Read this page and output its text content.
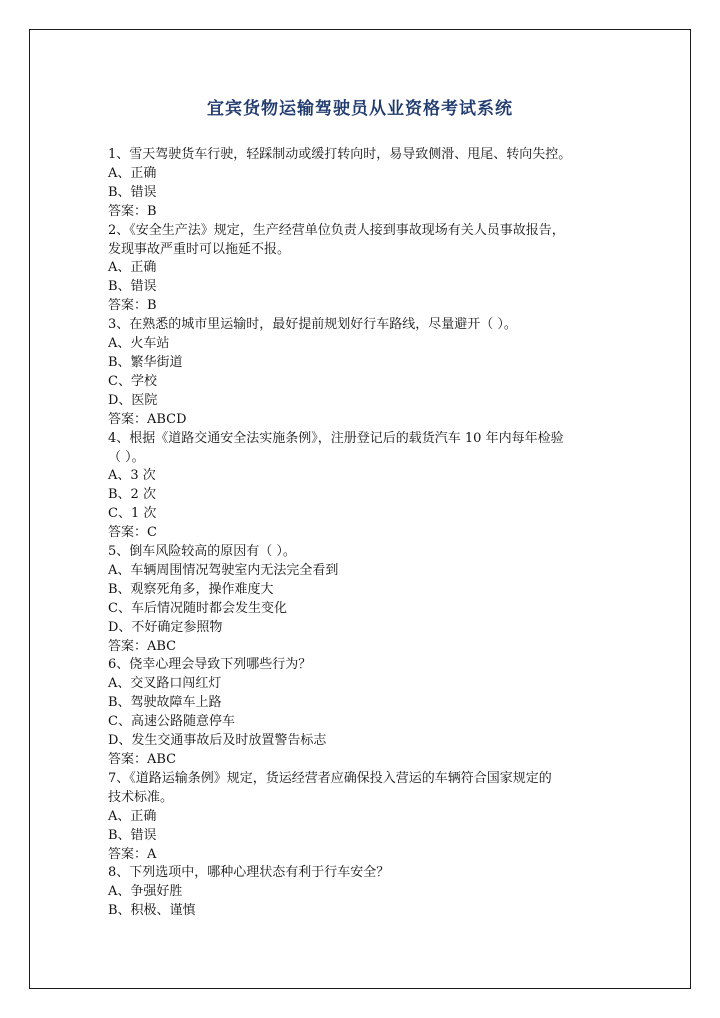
宜宾货物运输驾驶员从业资格考试系统
1、雪天驾驶货车行驶，轻踩制动或缓打转向时，易导致侧滑、甩尾、转向失控。
A、正确
B、错误
答案：B
2、《安全生产法》规定，生产经营单位负责人接到事故现场有关人员事故报告，
发现事故严重时可以拖延不报。
A、正确
B、错误
答案：B
3、在熟悉的城市里运输时，最好提前规划好行车路线，尽量避开（ ）。
A、火车站
B、繁华街道
C、学校
D、医院
答案：ABCD
4、根据《道路交通安全法实施条例》，注册登记后的载货汽车 10 年内每年检验
（ ）。
A、3 次
B、2 次
C、1 次
答案：C
5、倒车风险较高的原因有（ ）。
A、车辆周围情况驾驶室内无法完全看到
B、观察死角多，操作难度大
C、车后情况随时都会发生变化
D、不好确定参照物
答案：ABC
6、侥幸心理会导致下列哪些行为？
A、交叉路口闯红灯
B、驾驶故障车上路
C、高速公路随意停车
D、发生交通事故后及时放置警告标志
答案：ABC
7、《道路运输条例》规定，货运经营者应确保投入营运的车辆符合国家规定的
技术标准。
A、正确
B、错误
答案：A
8、下列选项中，哪种心理状态有利于行车安全？
A、争强好胜
B、积极、谨慎
